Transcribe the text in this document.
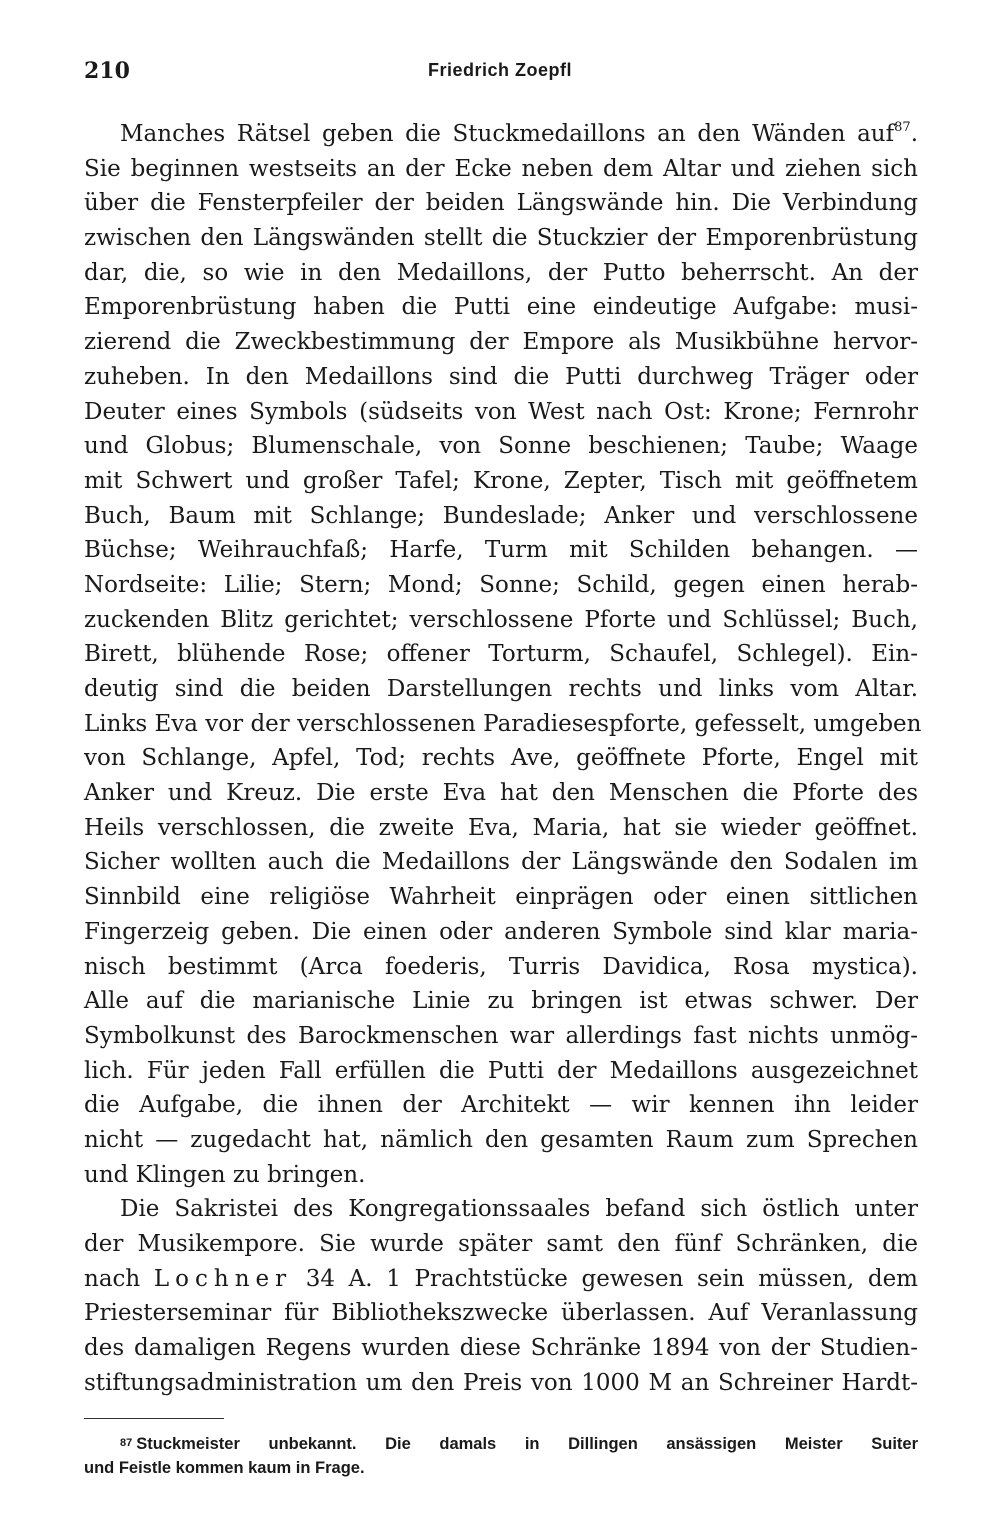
210	Friedrich Zoepfl
Manches Rätsel geben die Stuckmedaillons an den Wänden auf$^{87}$.
Sie beginnen westseits an der Ecke neben dem Altar und ziehen sich
über die Fensterpfeiler der beiden Längswände hin. Die Verbindung
zwischen den Längswänden stellt die Stuckzier der Emporenbrüstung
dar, die, so wie in den Medaillons, der Putto beherrscht. An der
Emporenbrüstung haben die Putti eine eindeutige Aufgabe: musi-
zierend die Zweckbestimmung der Empore als Musikbühne hervor-
zuheben. In den Medaillons sind die Putti durchweg Träger oder
Deuter eines Symbols (südseits von West nach Ost: Krone; Fernrohr
und Globus; Blumenschale, von Sonne beschienen; Taube; Waage
mit Schwert und großer Tafel; Krone, Zepter, Tisch mit geöffnetem
Buch, Baum mit Schlange; Bundeslade; Anker und verschlossene
Büchse; Weihrauchfaß; Harfe, Turm mit Schilden behangen. —
Nordseite: Lilie; Stern; Mond; Sonne; Schild, gegen einen herab-
zuckenden Blitz gerichtet; verschlossene Pforte und Schlüssel; Buch,
Birett, blühende Rose; offener Torturm, Schaufel, Schlegel). Ein-
deutig sind die beiden Darstellungen rechts und links vom Altar.
Links Eva vor der verschlossenen Paradiesespforte, gefesselt, umgeben
von Schlange, Apfel, Tod; rechts Ave, geöffnete Pforte, Engel mit
Anker und Kreuz. Die erste Eva hat den Menschen die Pforte des
Heils verschlossen, die zweite Eva, Maria, hat sie wieder geöffnet.
Sicher wollten auch die Medaillons der Längswände den Sodalen im
Sinnbild eine religiöse Wahrheit einprägen oder einen sittlichen
Fingerzeig geben. Die einen oder anderen Symbole sind klar maria-
nisch bestimmt (Arca foederis, Turris Davidica, Rosa mystica).
Alle auf die marianische Linie zu bringen ist etwas schwer. Der
Symbolkunst des Barockmenschen war allerdings fast nichts unmög-
lich. Für jeden Fall erfüllen die Putti der Medaillons ausgezeichnet
die Aufgabe, die ihnen der Architekt — wir kennen ihn leider
nicht — zugedacht hat, nämlich den gesamten Raum zum Sprechen
und Klingen zu bringen.
Die Sakristei des Kongregationssaales befand sich östlich unter
der Musikempore. Sie wurde später samt den fünf Schränken, die
nach Lochner 34 A. 1 Prachtstücke gewesen sein müssen, dem
Priesterseminar für Bibliothekszwecke überlassen. Auf Veranlassung
des damaligen Regens wurden diese Schränke 1894 von der Studien-
stiftungsadministration um den Preis von 1000 M an Schreiner Hardt-
87 Stuckmeister unbekannt. Die damals in Dillingen ansässigen Meister Suiter
und Feistle kommen kaum in Frage.
